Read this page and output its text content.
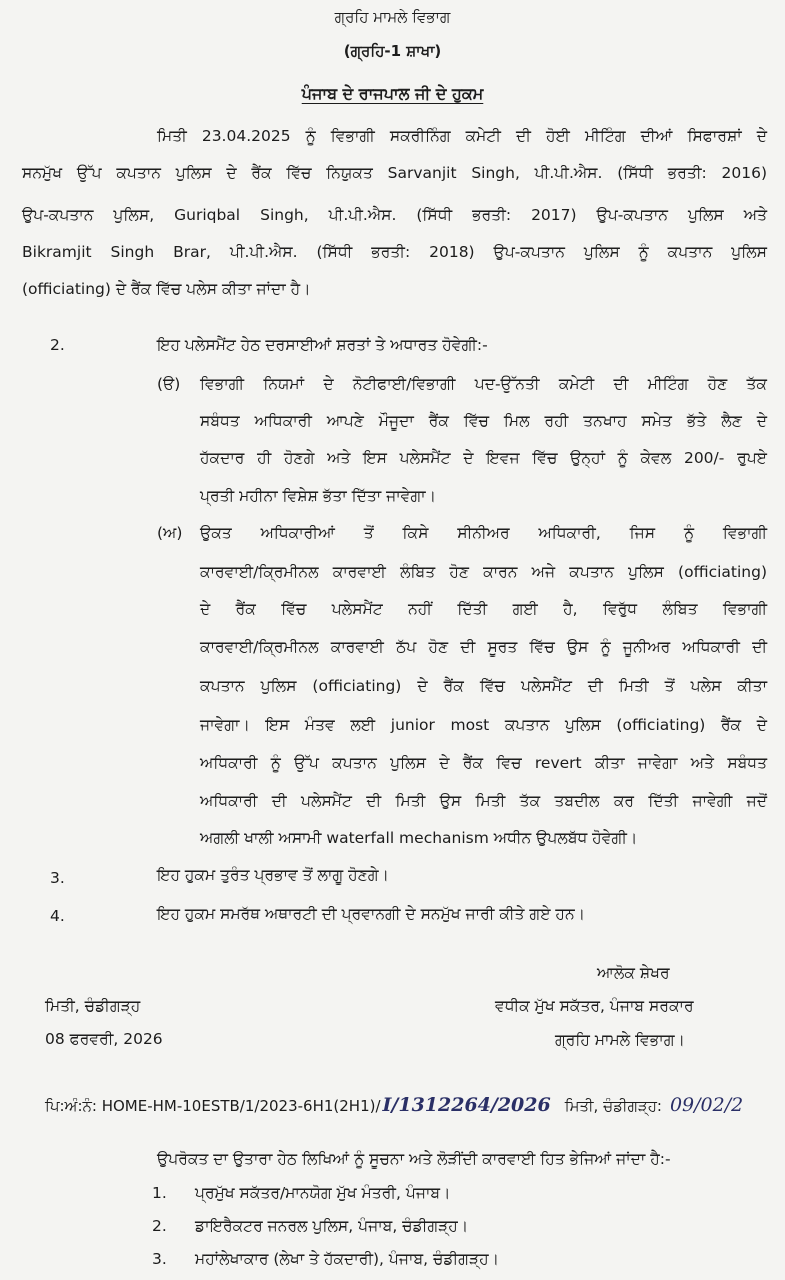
ਗ੍ਰਹਿ ਮਾਮਲੇ ਵਿਭਾਗ
(ਗ੍ਰਹਿ-1 ਸ਼ਾਖਾ)
ਪੰਜਾਬ ਦੇ ਰਾਜਪਾਲ ਜੀ ਦੇ ਹੁਕਮ
ਮਿਤੀ 23.04.2025 ਨੂੰ ਵਿਭਾਗੀ ਸਕਰੀਨਿੰਗ ਕਮੇਟੀ ਦੀ ਹੋਈ ਮੀਟਿੰਗ ਦੀਆਂ ਸਿਫਾਰਸ਼ਾਂ ਦੇ
ਸਨਮੁੱਖ ਉੱਪ ਕਪਤਾਨ ਪੁਲਿਸ ਦੇ ਰੈਂਕ ਵਿੱਚ ਨਿਯੁਕਤ Sarvanjit Singh, ਪੀ.ਪੀ.ਐਸ. (ਸਿੱਧੀ ਭਰਤੀ: 2016)
ਉਪ-ਕਪਤਾਨ ਪੁਲਿਸ, Guriqbal Singh, ਪੀ.ਪੀ.ਐਸ. (ਸਿੱਧੀ ਭਰਤੀ: 2017) ਉਪ-ਕਪਤਾਨ ਪੁਲਿਸ ਅਤੇ
Bikramjit Singh Brar, ਪੀ.ਪੀ.ਐਸ. (ਸਿੱਧੀ ਭਰਤੀ: 2018) ਉਪ-ਕਪਤਾਨ ਪੁਲਿਸ ਨੂੰ ਕਪਤਾਨ ਪੁਲਿਸ
(officiating) ਦੇ ਰੈਂਕ ਵਿੱਚ ਪਲੇਸ ਕੀਤਾ ਜਾਂਦਾ ਹੈ।
2.	ਇਹ ਪਲੇਸਮੈਂਟ ਹੇਠ ਦਰਸਾਈਆਂ ਸ਼ਰਤਾਂ ਤੇ ਅਧਾਰਤ ਹੋਵੇਗੀ:-
(ੳ) ਵਿਭਾਗੀ ਨਿਯਮਾਂ ਦੇ ਨੋਟੀਫਾਈ/ਵਿਭਾਗੀ ਪਦ-ਉੱਨਤੀ ਕਮੇਟੀ ਦੀ ਮੀਟਿੰਗ ਹੋਣ ਤੱਕ
ਸਬੰਧਤ ਅਧਿਕਾਰੀ ਆਪਣੇ ਮੌਜੂਦਾ ਰੈਂਕ ਵਿੱਚ ਮਿਲ ਰਹੀ ਤਨਖਾਹ ਸਮੇਤ ਭੱਤੇ ਲੈਣ ਦੇ
ਹੱਕਦਾਰ ਹੀ ਹੋਣਗੇ ਅਤੇ ਇਸ ਪਲੇਸਮੈਂਟ ਦੇ ਇਵਜ ਵਿੱਚ ਉਨ੍ਹਾਂ ਨੂੰ ਕੇਵਲ 200/- ਰੁਪਏ
ਪ੍ਰਤੀ ਮਹੀਨਾ ਵਿਸ਼ੇਸ਼ ਭੱਤਾ ਦਿੱਤਾ ਜਾਵੇਗਾ।
(ਅ) ਉਕਤ ਅਧਿਕਾਰੀਆਂ ਤੋਂ ਕਿਸੇ ਸੀਨੀਅਰ ਅਧਿਕਾਰੀ, ਜਿਸ ਨੂੰ ਵਿਭਾਗੀ
ਕਾਰਵਾਈ/ਕ੍ਰਿਮੀਨਲ ਕਾਰਵਾਈ ਲੰਬਿਤ ਹੋਣ ਕਾਰਨ ਅਜੇ ਕਪਤਾਨ ਪੁਲਿਸ (officiating)
ਦੇ ਰੈਂਕ ਵਿੱਚ ਪਲੇਸਮੈਂਟ ਨਹੀਂ ਦਿੱਤੀ ਗਈ ਹੈ, ਵਿਰੁੱਧ ਲੰਬਿਤ ਵਿਭਾਗੀ
ਕਾਰਵਾਈ/ਕ੍ਰਿਮੀਨਲ ਕਾਰਵਾਈ ਠੱਪ ਹੋਣ ਦੀ ਸੂਰਤ ਵਿੱਚ ਉਸ ਨੂੰ ਜੂਨੀਅਰ ਅਧਿਕਾਰੀ ਦੀ
ਕਪਤਾਨ ਪੁਲਿਸ (officiating) ਦੇ ਰੈਂਕ ਵਿੱਚ ਪਲੇਸਮੈਂਟ ਦੀ ਮਿਤੀ ਤੋਂ ਪਲੇਸ ਕੀਤਾ
ਜਾਵੇਗਾ। ਇਸ ਮੰਤਵ ਲਈ junior most ਕਪਤਾਨ ਪੁਲਿਸ (officiating) ਰੈਂਕ ਦੇ
ਅਧਿਕਾਰੀ ਨੂੰ ਉੱਪ ਕਪਤਾਨ ਪੁਲਿਸ ਦੇ ਰੈਂਕ ਵਿਚ revert ਕੀਤਾ ਜਾਵੇਗਾ ਅਤੇ ਸਬੰਧਤ
ਅਧਿਕਾਰੀ ਦੀ ਪਲੇਸਮੈਂਟ ਦੀ ਮਿਤੀ ਉਸ ਮਿਤੀ ਤੱਕ ਤਬਦੀਲ ਕਰ ਦਿੱਤੀ ਜਾਵੇਗੀ ਜਦੋਂ
ਅਗਲੀ ਖਾਲੀ ਅਸਾਮੀ waterfall mechanism ਅਧੀਨ ਉਪਲਬੱਧ ਹੋਵੇਗੀ।
3.	ਇਹ ਹੁਕਮ ਤੁਰੰਤ ਪ੍ਰਭਾਵ ਤੋਂ ਲਾਗੂ ਹੋਣਗੇ।
4.	ਇਹ ਹੁਕਮ ਸਮਰੱਥ ਅਥਾਰਟੀ ਦੀ ਪ੍ਰਵਾਨਗੀ ਦੇ ਸਨਮੁੱਖ ਜਾਰੀ ਕੀਤੇ ਗਏ ਹਨ।
ਆਲੋਕ ਸ਼ੇਖਰ
ਵਧੀਕ ਮੁੱਖ ਸਕੱਤਰ, ਪੰਜਾਬ ਸਰਕਾਰ
ਗ੍ਰਹਿ ਮਾਮਲੇ ਵਿਭਾਗ।
ਮਿਤੀ, ਚੰਡੀਗੜ੍ਹ
08 ਫਰਵਰੀ, 2026
ਪਿ:ਅੰ:ਨੰ: HOME-HM-10ESTB/1/2023-6H1(2H1)/ I/1312264/2026 ਮਿਤੀ, ਚੰਡੀਗੜ੍ਹ: 09/02/2
ਉਪਰੋਕਤ ਦਾ ਉਤਾਰਾ ਹੇਠ ਲਿਖਿਆਂ ਨੂੰ ਸੂਚਨਾ ਅਤੇ ਲੋੜੀਂਦੀ ਕਾਰਵਾਈ ਹਿਤ ਭੇਜਿਆਂ ਜਾਂਦਾ ਹੈ:-
1. ਪ੍ਰਮੁੱਖ ਸਕੱਤਰ/ਮਾਨਯੋਗ ਮੁੱਖ ਮੰਤਰੀ, ਪੰਜਾਬ।
2. ਡਾਇਰੈਕਟਰ ਜਨਰਲ ਪੁਲਿਸ, ਪੰਜਾਬ, ਚੰਡੀਗੜ੍ਹ।
3. ਮਹਾਂਲੇਖਾਕਾਰ (ਲੇਖਾ ਤੇ ਹੱਕਦਾਰੀ), ਪੰਜਾਬ, ਚੰਡੀਗੜ੍ਹ।
